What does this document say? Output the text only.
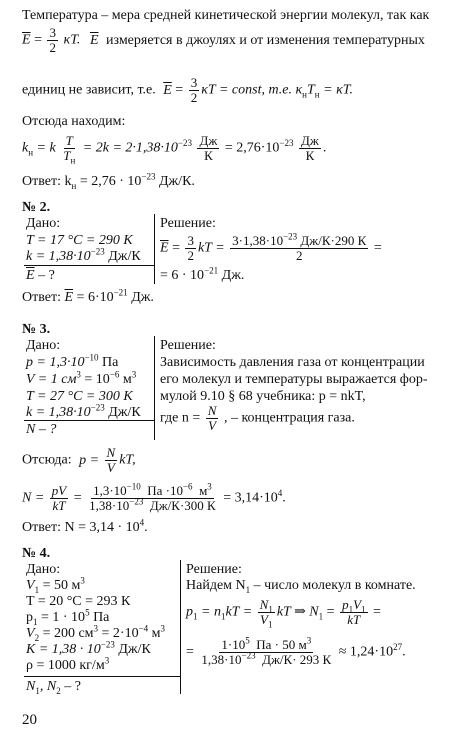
Температура – мера средней кинетической энергии молекул, так как
$\overline{E} = \frac{3}{2} \kappa T$. $\overline{E}$ измеряется в джоулях и от изменения температурных
единиц не зависит, т.е. $\overline{E} = \frac{3}{2}$ κT = const, т.е. $\kappa_нT_н = \kappa T$.
Отсюда находим:
$k_н = k \frac{T}{T_н} = 2k = 2\cdot 1,38\cdot 10^{-23} \frac{Дж}{К} = 2,76\cdot 10^{-23} \frac{Дж}{К}$ .
Ответ: $k_н = 2,76 \cdot 10^{-23}$ Дж/К.
№ 2.
Дано:
T = 17 °C = 290 К
$k = 1,38\cdot 10^{-23}$ Дж/К
$\overline{E}$ – ?
Решение:
$\overline{E} = \frac{3}{2}$ kT = $\frac{3\cdot 1,38\cdot 10^{-23} Дж/К\cdot 290 К}{2}$ =
= $6 \cdot 10^{-21}$ Дж.
Ответ: $\overline{E} = 6\cdot 10^{-21}$ Дж.
№ 3.
Дано:
$p = 1,3\cdot 10^{-10}$ Па
V = 1 $см^3 = 10^{-6}$ $м^3$
T = 27 °C = 300 К
$k = 1,38\cdot 10^{-23}$ Дж/К
N – ?
Решение:
Зависимость давления газа от концентрации
его молекул и температуры выражается фор-
мулой 9.10 § 68 учебника: p = nkT,
где $n = \frac{N}{V}$ , – концентрация газа.
Отсюда: $p = \frac{N}{V}$ kT,
$N = \frac{pV}{kT} = \frac{1,3\cdot 10^{-10} Па \cdot 10^{-6} м^3}{1,38\cdot 10^{-23} Дж/К\cdot 300 К} = 3,14\cdot 10^4$.
Ответ: $N = 3,14 \cdot 10^4$.
№ 4.
Дано:
$V_1 = 50$ $м^3$
T = 20 °C = 293 К
$p_1 = 1 \cdot 10^5$ Па
$V_2 = 200$ $см^3 = 2\cdot 10^{-4}$ $м^3$
$K = 1,38 \cdot 10^{-23}$ Дж/К
ρ = 1000 $кг/м^3$
$N_1$, $N_2$ – ?
Решение:
Найдем $N_1$ – число молекул в комнате.
$p_1 = n_1kT = \frac{N_1}{V_1}$ kT ⇒ $N_1 = \frac{p_1V_1}{kT}$ =
= $\frac{1\cdot 10^5 Па \cdot 50 м^3}{1,38\cdot 10^{-23} Дж/К\cdot 293 К} \approx 1,24\cdot 10^{27}$.
20
